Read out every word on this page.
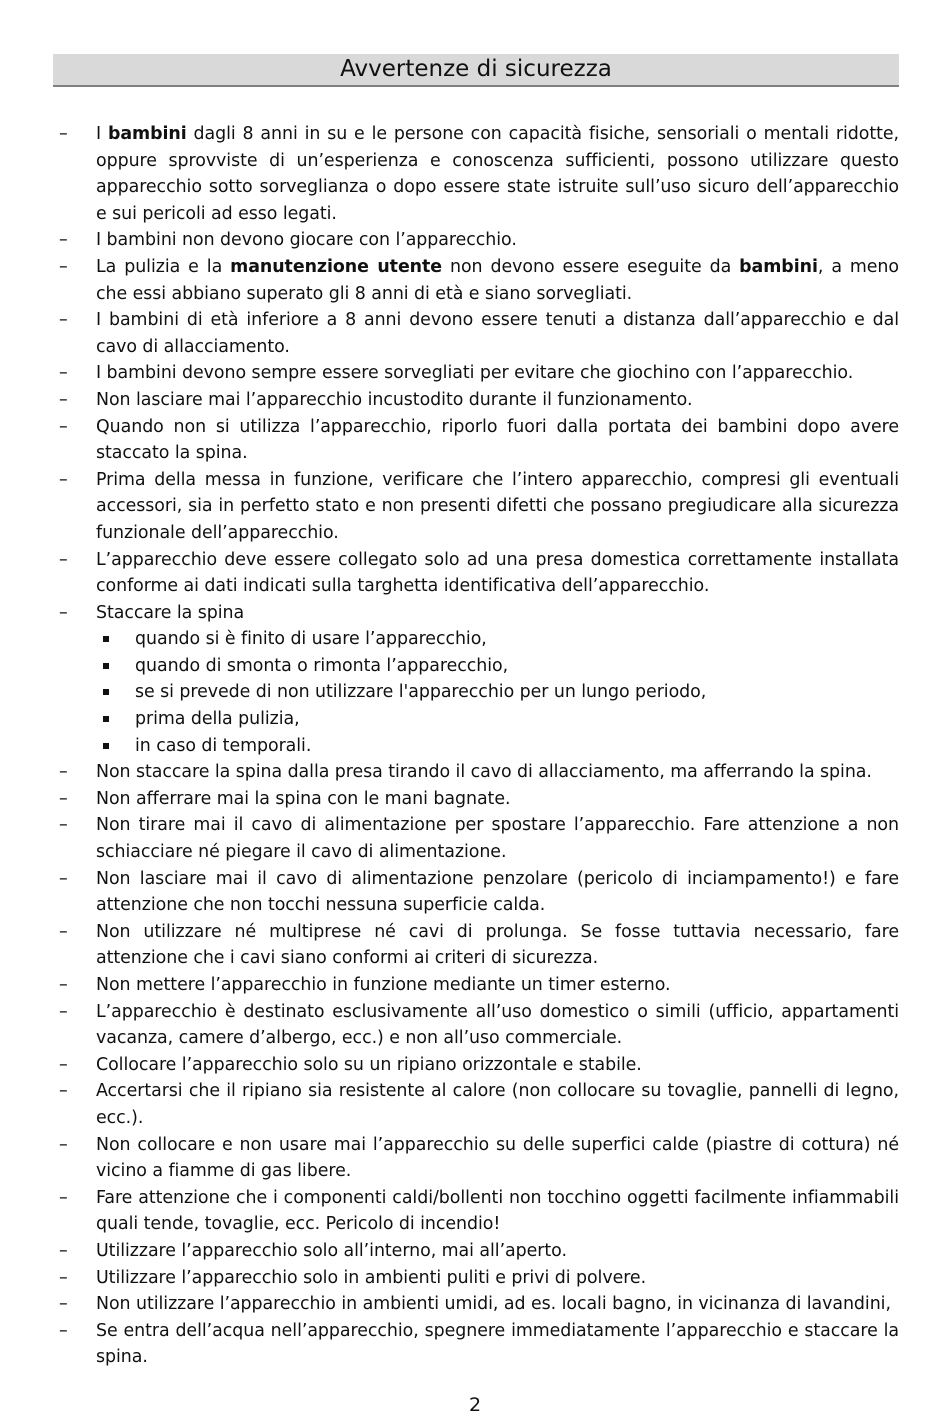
Avvertenze di sicurezza
–	I bambini dagli 8 anni in su e le persone con capacità fisiche, sensoriali o mentali ridotte, oppure sprovviste di un’esperienza e conoscenza sufficienti, possono utilizzare questo apparecchio sotto sorveglianza o dopo essere state istruite sull’uso sicuro dell’apparecchio e sui pericoli ad esso legati.
–	I bambini non devono giocare con l’apparecchio.
–	La pulizia e la manutenzione utente non devono essere eseguite da bambini, a meno che essi abbiano superato gli 8 anni di età e siano sorvegliati.
–	I bambini di età inferiore a 8 anni devono essere tenuti a distanza dall’apparecchio e dal cavo di allacciamento.
–	I bambini devono sempre essere sorvegliati per evitare che giochino con l’apparecchio.
–	Non lasciare mai l’apparecchio incustodito durante il funzionamento.
–	Quando non si utilizza l’apparecchio, riporlo fuori dalla portata dei bambini dopo avere staccato la spina.
–	Prima della messa in funzione, verificare che l’intero apparecchio, compresi gli eventuali accessori, sia in perfetto stato e non presenti difetti che possano pregiudicare alla sicurezza funzionale dell’apparecchio.
–	L’apparecchio deve essere collegato solo ad una presa domestica correttamente installata conforme ai dati indicati sulla targhetta identificativa dell’apparecchio.
–	Staccare la spina
quando si è finito di usare l’apparecchio,
quando di smonta o rimonta l’apparecchio,
se si prevede di non utilizzare l'apparecchio per un lungo periodo,
prima della pulizia,
in caso di temporali.
–	Non staccare la spina dalla presa tirando il cavo di allacciamento, ma afferrando la spina.
–	Non afferrare mai la spina con le mani bagnate.
–	Non tirare mai il cavo di alimentazione per spostare l’apparecchio. Fare attenzione a non schiacciare né piegare il cavo di alimentazione.
–	Non lasciare mai il cavo di alimentazione penzolare (pericolo di inciampamento!) e fare attenzione che non tocchi nessuna superficie calda.
–	Non utilizzare né multiprese né cavi di prolunga. Se fosse tuttavia necessario, fare attenzione che i cavi siano conformi ai criteri di sicurezza.
–	Non mettere l’apparecchio in funzione mediante un timer esterno.
–	L’apparecchio è destinato esclusivamente all’uso domestico o simili (ufficio, appartamenti vacanza, camere d’albergo, ecc.) e non all’uso commerciale.
–	Collocare l’apparecchio solo su un ripiano orizzontale e stabile.
–	Accertarsi che il ripiano sia resistente al calore (non collocare su tovaglie, pannelli di legno, ecc.).
–	Non collocare e non usare mai l’apparecchio su delle superfici calde (piastre di cottura) né vicino a fiamme di gas libere.
–	Fare attenzione che i componenti caldi/bollenti non tocchino oggetti facilmente infiammabili quali tende, tovaglie, ecc. Pericolo di incendio!
–	Utilizzare l’apparecchio solo all’interno, mai all’aperto.
–	Utilizzare l’apparecchio solo in ambienti puliti e privi di polvere.
–	Non utilizzare l’apparecchio in ambienti umidi, ad es. locali bagno, in vicinanza di lavandini,
–	Se entra dell’acqua nell’apparecchio, spegnere immediatamente l’apparecchio e staccare la spina.
2
